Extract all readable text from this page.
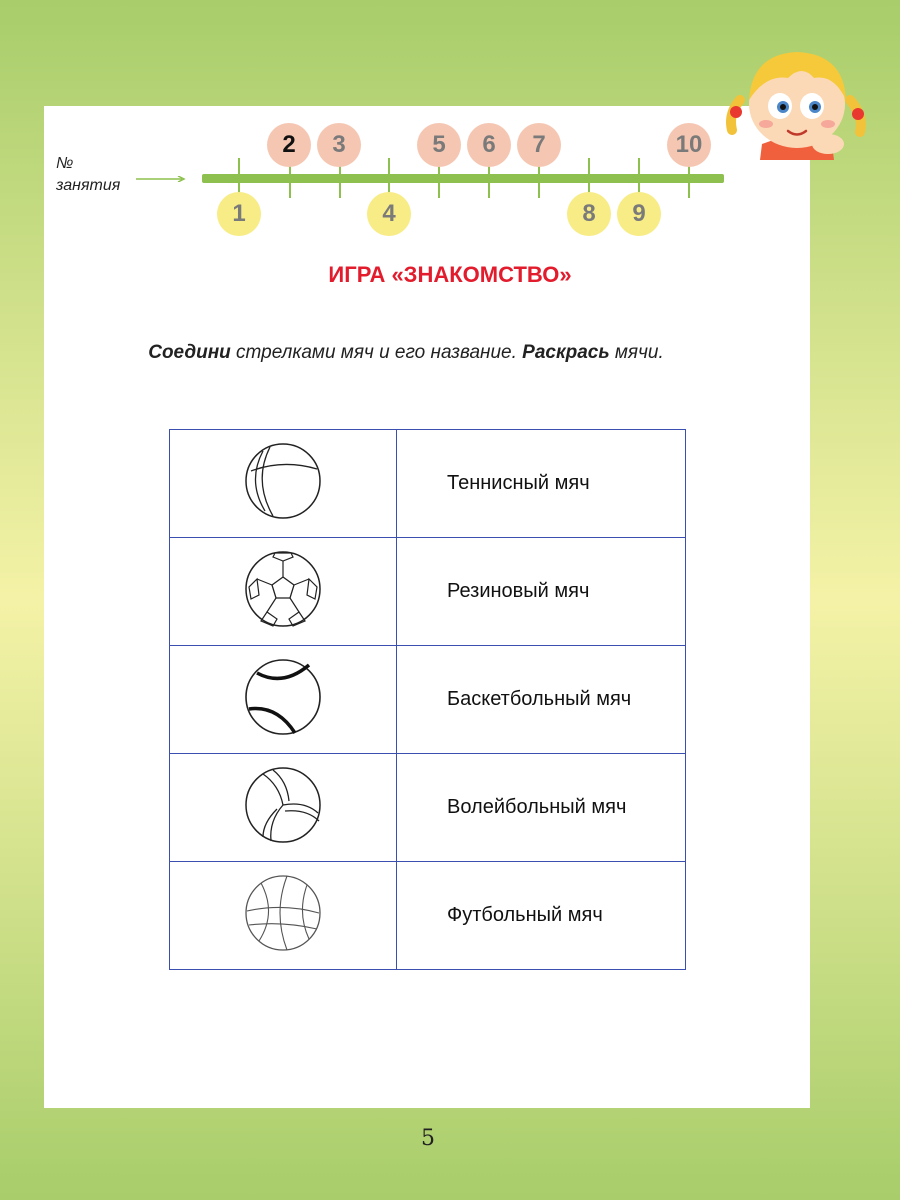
№
занятия
2	3	5	6	7	10
1	4	8	9
ИГРА «ЗНАКОМСТВО»
Соедини стрелками мяч и его название. Раскрась мячи.
	Теннисный мяч
	Резиновый мяч
	Баскетбольный мяч
	Волейбольный мяч
	Футбольный мяч
5
